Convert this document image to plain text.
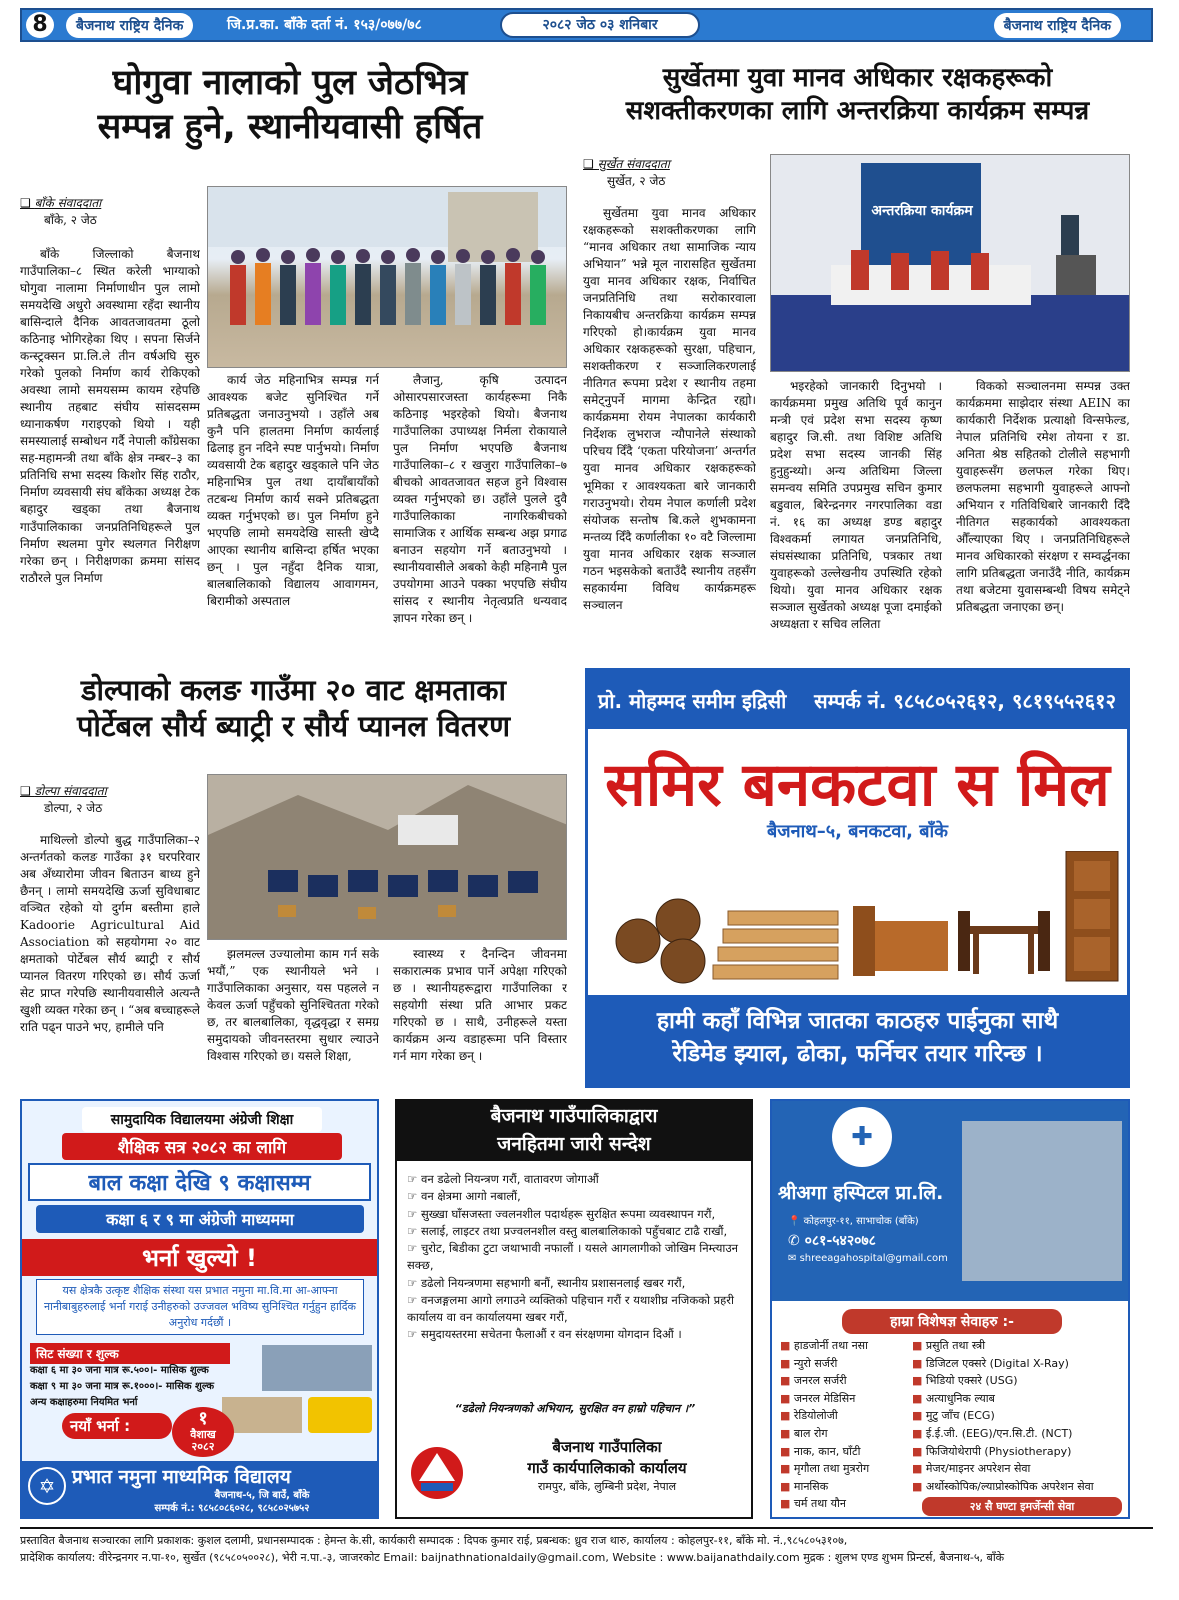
8	बैजनाथ राष्ट्रिय दैनिक	जि.प्र.का. बाँके दर्ता नं. १५३/०७७/७८	२०८२ जेठ ०३ शनिबार	बैजनाथ राष्ट्रिय दैनिक
घोगुवा नालाको पुल जेठभित्र
सम्पन्न हुने, स्थानीयवासी हर्षित
❑ बाँके संवाददाता
बाँके, २ जेठ

बाँके जिल्लाको बैजनाथ गाउँपालिका–८ स्थित करेली भाग्याको घोगुवा नालामा निर्माणाधीन पुल लामो समयदेखि अधुरो अवस्थामा रहँदा स्थानीय बासिन्दाले दैनिक आवतजावतमा ठूलो कठिनाइ भोगिरहेका थिए । सपना सिर्जने कन्स्ट्रक्सन प्रा.लि.ले तीन वर्षअघि सुरु गरेको पुलको निर्माण कार्य रोकिएको अवस्था लामो समयसम्म कायम रहेपछि स्थानीय तहबाट संघीय सांसदसम्म ध्यानाकर्षण गराइएको थियो । यही समस्यालाई सम्बोधन गर्दै नेपाली काँग्रेसका सह-महामन्त्री तथा बाँके क्षेत्र नम्बर–३ का प्रतिनिधि सभा सदस्य किशोर सिंह राठौर, निर्माण व्यवसायी संघ बाँकेका अध्यक्ष टेक बहादुर खड्का तथा बैजनाथ गाउँपालिकाका जनप्रतिनिधिहरूले पुल निर्माण स्थलमा पुगेर स्थलगत निरीक्षण गरेका छन् । निरीक्षणका क्रममा सांसद राठौरले पुल निर्माण

कार्य जेठ महिनाभित्र सम्पन्न गर्न आवश्यक बजेट सुनिश्चित गर्ने प्रतिबद्धता जनाउनुभयो । उहाँले अब कुनै पनि हालतमा निर्माण कार्यलाई ढिलाइ हुन नदिने स्पष्ट पार्नुभयो। निर्माण व्यवसायी टेक बहादुर खड्काले पनि जेठ महिनाभित्र पुल तथा दायाँबायाँको तटबन्ध निर्माण कार्य सक्ने प्रतिबद्धता व्यक्त गर्नुभएको छ। पुल निर्माण हुने भएपछि लामो समयदेखि सास्ती खेप्दै आएका स्थानीय बासिन्दा हर्षित भएका छन् । पुल नहुँदा दैनिक यात्रा, बालबालिकाको विद्यालय आवागमन, बिरामीको अस्पताल

लैजानु, कृषि उत्पादन ओसारपसारजस्ता कार्यहरूमा निकै कठिनाइ भइरहेको थियो। बैजनाथ गाउँपालिका उपाध्यक्ष निर्मला रोकायाले पुल निर्माण भएपछि बैजनाथ गाउँपालिका–८ र खजुरा गाउँपालिका–७ बीचको आवतजावत सहज हुने विश्वास व्यक्त गर्नुभएको छ। उहाँले पुलले दुवै गाउँपालिकाका नागरिकबीचको सामाजिक र आर्थिक सम्बन्ध अझ प्रगाढ बनाउन सहयोग गर्ने बताउनुभयो । स्थानीयवासीले अबको केही महिनामै पुल उपयोगमा आउने पक्का भएपछि संघीय सांसद र स्थानीय नेतृत्वप्रति धन्यवाद ज्ञापन गरेका छन् ।

सुर्खेतमा युवा मानव अधिकार रक्षकहरूको
सशक्तीकरणका लागि अन्तरक्रिया कार्यक्रम सम्पन्न
❑ सुर्खेत संवाददाता
सुर्खेत, २ जेठ

सुर्खेतमा युवा मानव अधिकार रक्षकहरूको सशक्तीकरणका लागि “मानव अधिकार तथा सामाजिक न्याय अभियान” भन्ने मूल नारासहित सुर्खेतमा युवा मानव अधिकार रक्षक, निर्वाचित जनप्रतिनिधि तथा सरोकारवाला निकायबीच अन्तरक्रिया कार्यक्रम सम्पन्न गरिएको हो।कार्यक्रम युवा मानव अधिकार रक्षकहरूको सुरक्षा, पहिचान, सशक्तीकरण र सञ्जालिकरणलाई नीतिगत रूपमा प्रदेश र स्थानीय तहमा समेट्नुपर्ने मागमा केन्द्रित रह्यो। कार्यक्रममा रोयम नेपालका कार्यकारी निर्देशक लुभराज न्यौपानेले संस्थाको परिचय दिँदै ‘एकता परियोजना’ अन्तर्गत युवा मानव अधिकार रक्षकहरूको भूमिका र आवश्यकता बारे जानकारी गराउनुभयो। रोयम नेपाल कर्णाली प्रदेश संयोजक सन्तोष बि.कले शुभकामना मन्तव्य दिँदै कर्णालीका १० वटै जिल्लामा युवा मानव अधिकार रक्षक सञ्जाल गठन भइसकेको बताउँदै स्थानीय तहसँग सहकार्यमा विविध कार्यक्रमहरू सञ्चालन

अन्तरक्रिया कार्यक्रम

भइरहेको जानकारी दिनुभयो । कार्यक्रममा प्रमुख अतिथि पूर्व कानुन मन्त्री एवं प्रदेश सभा सदस्य कृष्ण बहादुर जि.सी. तथा विशिष्ट अतिथि प्रदेश सभा सदस्य जानकी सिंह हुनुहुन्थ्यो। अन्य अतिथिमा जिल्ला समन्वय समिति उपप्रमुख सचिन कुमार बडुवाल, बिरेन्द्रनगर नगरपालिका वडा नं. १६ का अध्यक्ष डण्ड बहादुर विश्वकर्मा लगायत जनप्रतिनिधि, संघसंस्थाका प्रतिनिधि, पत्रकार तथा युवाहरूको उल्लेखनीय उपस्थिति रहेको थियो। युवा मानव अधिकार रक्षक सञ्जाल सुर्खेतको अध्यक्ष पूजा दमाईको अध्यक्षता र सचिव ललिता

विकको सञ्चालनमा सम्पन्न उक्त कार्यक्रममा साझेदार संस्था AEIN का कार्यकारी निर्देशक प्रत्याक्षो विन्सफेल्ड, नेपाल प्रतिनिधि रमेश तोयना र डा. अनिता श्रेष्ठ सहितको टोलीले सहभागी युवाहरूसँग छलफल गरेका थिए। छलफलमा सहभागी युवाहरूले आफ्नो अभियान र गतिविधिबारे जानकारी दिँदै नीतिगत सहकार्यको आवश्यकता औँल्याएका थिए । जनप्रतिनिधिहरूले मानव अधिकारको संरक्षण र सम्वर्द्धनका लागि प्रतिबद्धता जनाउँदै नीति, कार्यक्रम तथा बजेटमा युवासम्बन्धी विषय समेट्ने प्रतिबद्धता जनाएका छन्।

डोल्पाको कलङ गाउँमा २० वाट क्षमताका
पोर्टेबल सौर्य ब्याट्री र सौर्य प्यानल वितरण
❑ डोल्पा संवाददाता
डोल्पा, २ जेठ

माथिल्लो डोल्पो बुद्ध गाउँपालिका–२ अन्तर्गतको कलङ गाउँका ३१ घरपरिवार अब अँध्यारोमा जीवन बिताउन बाध्य हुने छैनन् । लामो समयदेखि ऊर्जा सुविधाबाट वञ्चित रहेको यो दुर्गम बस्तीमा हाले Kadoorie Agricultural Aid Association को सहयोगमा २० वाट क्षमताको पोर्टेबल सौर्य ब्याट्री र सौर्य प्यानल वितरण गरिएको छ। सौर्य ऊर्जा सेट प्राप्त गरेपछि स्थानीयवासीले अत्यन्तै खुशी व्यक्त गरेका छन् । “अब बच्चाहरूले राति पढ्न पाउने भए, हामीले पनि

झलमल्ल उज्यालोमा काम गर्न सके भयौं,” एक स्थानीयले भने । गाउँपालिकाका अनुसार, यस पहलले न केवल ऊर्जा पहुँचको सुनिश्चितता गरेको छ, तर बालबालिका, वृद्धवृद्धा र समग्र समुदायको जीवनस्तरमा सुधार ल्याउने विश्वास गरिएको छ। यसले शिक्षा,

स्वास्थ्य र दैनन्दिन जीवनमा सकारात्मक प्रभाव पार्ने अपेक्षा गरिएको छ । स्थानीयहरूद्वारा गाउँपालिका र सहयोगी संस्था प्रति आभार प्रकट गरिएको छ । साथै, उनीहरूले यस्ता कार्यक्रम अन्य वडाहरूमा पनि विस्तार गर्न माग गरेका छन् ।

प्रो. मोहम्मद समीम इद्रिसी सम्पर्क नं. ९८५८०५२६१२, ९८१९५५२६१२
समिर बनकटवा स मिल
बैजनाथ–५, बनकटवा, बाँके
हामी कहाँ विभिन्न जातका काठहरु पाईनुका साथै
रेडिमेड झ्याल, ढोका, फर्निचर तयार गरिन्छ ।
सामुदायिक विद्यालयमा अंग्रेजी शिक्षा
शैक्षिक सत्र २०८२ का लागि
बाल कक्षा देखि ९ कक्षासम्म
कक्षा ६ र ९ मा अंग्रेजी माध्यममा
भर्ना खुल्यो !
यस क्षेत्रकै उत्कृष्ट शैक्षिक संस्था यस प्रभात नमुना मा.वि.मा आ-आफ्ना नानीबाबुहरुलाई भर्ना गराई उनीहरुको उज्जवल भविष्य सुनिश्चित गर्नुहुन हार्दिक अनुरोध गर्दछौं ।
सिट संख्या र शुल्क
कक्षा ६ मा ३० जना मात्र रू.५००।- मासिक शुल्क
कक्षा ९ मा ३० जना मात्र रू.१०००।- मासिक शुल्क
अन्य कक्षाहरुमा नियमित भर्ना
नयाँ भर्ना :	१
वैशाख
२०८२
✡ प्रभात नमुना माध्यमिक विद्यालय
बैजनाथ-५, जि बाउँ, बाँके
सम्पर्क नं.: ९८५८०८६०२८, ९८५८०२५७५२
बैजनाथ गाउँपालिकाद्वारा
जनहितमा जारी सन्देश
☞ वन डढेलो नियन्त्रण गरौं, वातावरण जोगाऔं
☞ वन क्षेत्रमा आगो नबालौं,
☞ सुख्खा घाँसजस्ता ज्वलनशील पदार्थहरू सुरक्षित रूपमा व्यवस्थापन गरौं,
☞ सलाई, लाइटर तथा प्रज्वलनशील वस्तु बालबालिकाको पहुँचबाट टाढै राखौं,
☞ चुरोट, बिडीका टुटा जथाभावी नफालौं । यसले आगलागीको जोखिम निम्त्याउन सक्छ,
☞ डढेलो नियन्त्रणमा सहभागी बनौं, स्थानीय प्रशासनलाई खबर गरौं,
☞ वनजङ्गलमा आगो लगाउने व्यक्तिको पहिचान गरौं र यथाशीघ्र नजिकको प्रहरी कार्यालय वा वन कार्यालयमा खबर गरौं,
☞ समुदायस्तरमा सचेतना फैलाऔं र वन संरक्षणमा योगदान दिऔं ।
“डढेलो नियन्त्रणको अभियान, सुरक्षित वन हाम्रो पहिचान ।”
बैजनाथ गाउँपालिका
गाउँ कार्यपालिकाको कार्यालय
रामपुर, बाँके, लुम्बिनी प्रदेश, नेपाल
✚
श्रीअगा हस्पिटल प्रा.लि.
📍 कोहलपुर-११, साभाचोक (बाँके)
✆ ०८१-५४२०७८
✉ shreeagahospital@gmail.com
हाम्रा विशेषज्ञ सेवाहरु :-
■ हाडजोर्नी तथा नसा
■ न्युरो सर्जरी
■ जनरल सर्जरी
■ जनरल मेडिसिन
■ रेडियोलोजी
■ बाल रोग
■ नाक, कान, घाँटी
■ मृगौला तथा मुत्ररोग
■ मानसिक
■ चर्म तथा यौन
■ प्रसुति तथा स्त्री
■ डिजिटल एक्सरे (Digital X-Ray)
■ भिडियो एक्सरे (USG)
■ अत्याधुनिक ल्याब
■ मुटु जाँच (ECG)
■ ई.ई.जी. (EEG)/एन.सि.टी. (NCT)
■ फिजियोथेरापी (Physiotherapy)
■ मेजर/माइनर अपरेशन सेवा
■ अर्थोस्कोपिक/ल्याप्रोस्कोपिक अपरेशन सेवा
२४ सै घण्टा इमर्जेन्सी सेवा
प्रस्तावित बैजनाथ सञ्चारका लागि प्रकाशक: कुशल दलामी, प्रधानसम्पादक : हेमन्त के.सी, कार्यकारी सम्पादक : दिपक कुमार राई, प्रबन्धक: ध्रुव राज थारु, कार्यालय : कोहलपुर-११, बाँके मो. नं.,९८५८०५३१०७,
प्रादेशिक कार्यालय: वीरेन्द्रनगर न.पा-१०, सुर्खेत (९८५८०५००२८), भेरी न.पा.-३, जाजरकोट Email: baijnathnationaldaily@gmail.com, Website : www.baijanathdaily.com मुद्रक : शुलभ एण्ड शुभम प्रिन्टर्स, बैजनाथ-५, बाँके
